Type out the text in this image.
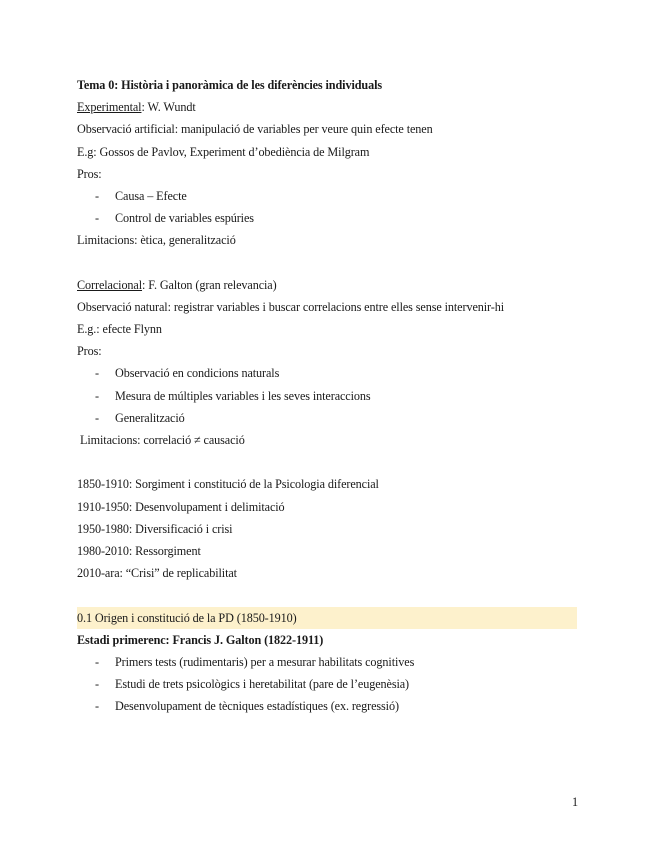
Tema 0: Història i panoràmica de les diferències individuals
Experimental: W. Wundt
Observació artificial: manipulació de variables per veure quin efecte tenen
E.g: Gossos de Pavlov, Experiment d’obediència de Milgram
Pros:
- Causa – Efecte
- Control de variables espúries
Limitacions: ètica, generalització
Correlacional: F. Galton (gran relevancia)
Observació natural: registrar variables i buscar correlacions entre elles sense intervenir-hi
E.g.: efecte Flynn
Pros:
- Observació en condicions naturals
- Mesura de múltiples variables i les seves interaccions
- Generalització
Limitacions: correlació ≠ causació
1850-1910: Sorgiment i constitució de la Psicologia diferencial
1910-1950: Desenvolupament i delimitació
1950-1980: Diversificació i crisi
1980-2010: Ressorgiment
2010-ara: “Crisi” de replicabilitat
0.1 Origen i constitució de la PD (1850-1910)
Estadi primerenc: Francis J. Galton (1822-1911)
- Primers tests (rudimentaris) per a mesurar habilitats cognitives
- Estudi de trets psicològics i heretabilitat (pare de l’eugenèsia)
- Desenvolupament de tècniques estadístiques (ex. regressió)
1
